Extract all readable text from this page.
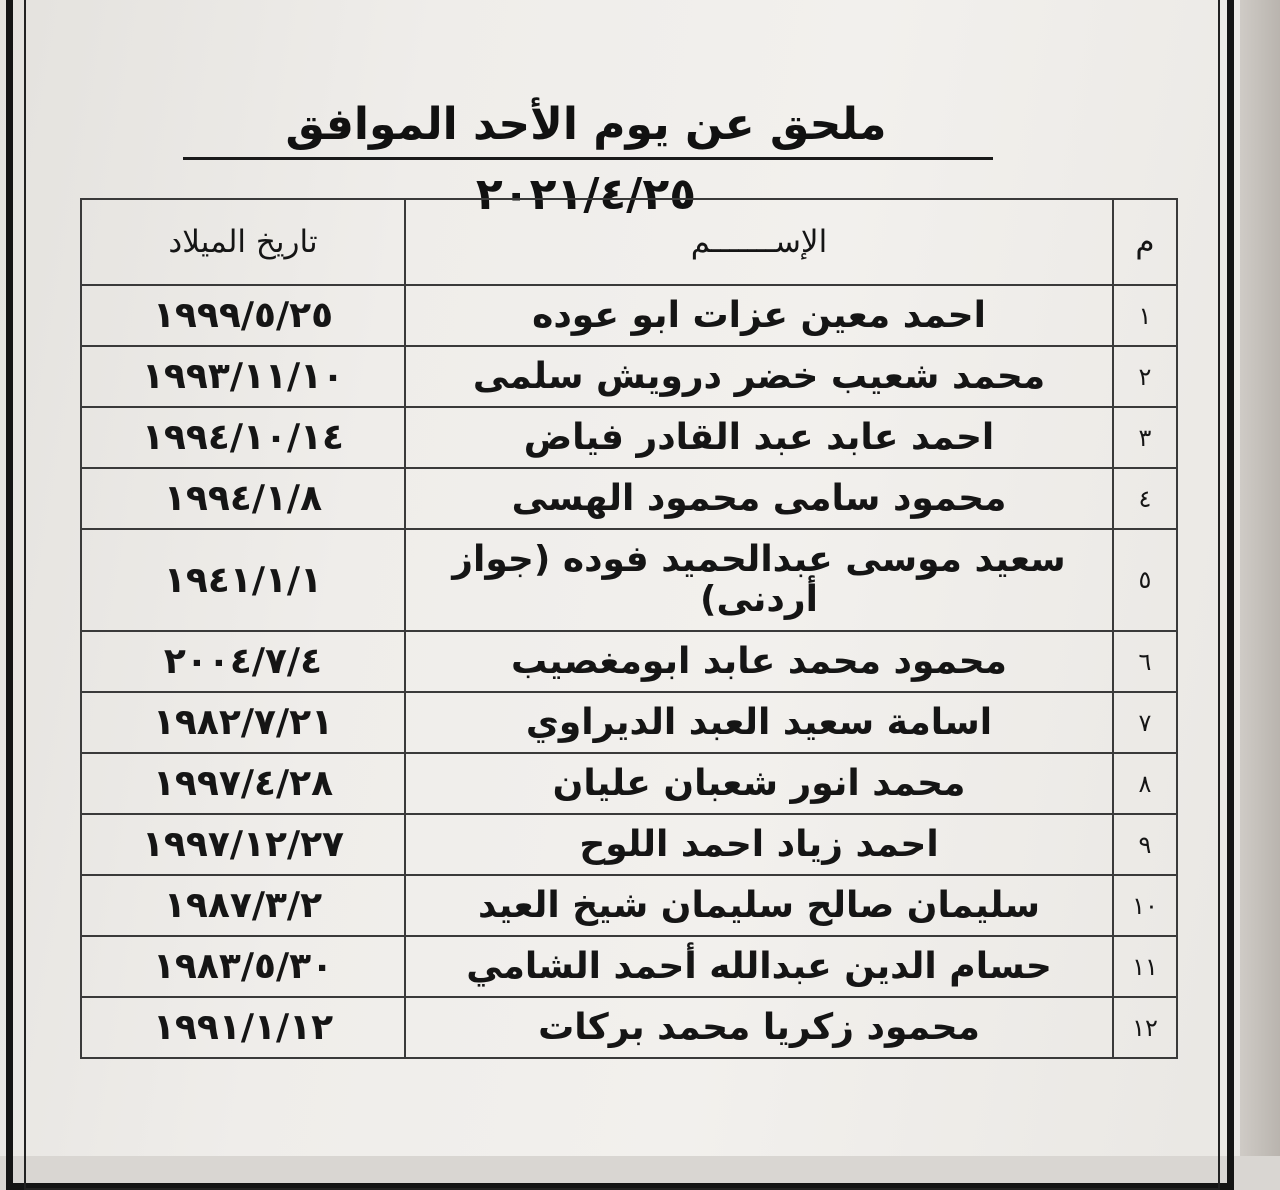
ملحق عن يوم الأحد الموافق ٢٠٢١/٤/٢٥
م	الإســـــــم	تاريخ الميلاد
١	احمد معين عزات ابو عوده	١٩٩٩/٥/٢٥
٢	محمد شعيب خضر درويش سلمى	١٩٩٣/١١/١٠
٣	احمد عابد عبد القادر فياض	١٩٩٤/١٠/١٤
٤	محمود سامى محمود الهسى	١٩٩٤/١/٨
٥	سعيد موسى عبدالحميد فوده (جواز أردنى)	١٩٤١/١/١
٦	محمود محمد عابد ابومغصيب	٢٠٠٤/٧/٤
٧	اسامة سعيد العبد الديراوي	١٩٨٢/٧/٢١
٨	محمد انور شعبان عليان	١٩٩٧/٤/٢٨
٩	احمد زياد احمد اللوح	١٩٩٧/١٢/٢٧
١٠	سليمان صالح سليمان شيخ العيد	١٩٨٧/٣/٢
١١	حسام الدين عبدالله أحمد الشامي	١٩٨٣/٥/٣٠
١٢	محمود زكريا محمد بركات	١٩٩١/١/١٢
